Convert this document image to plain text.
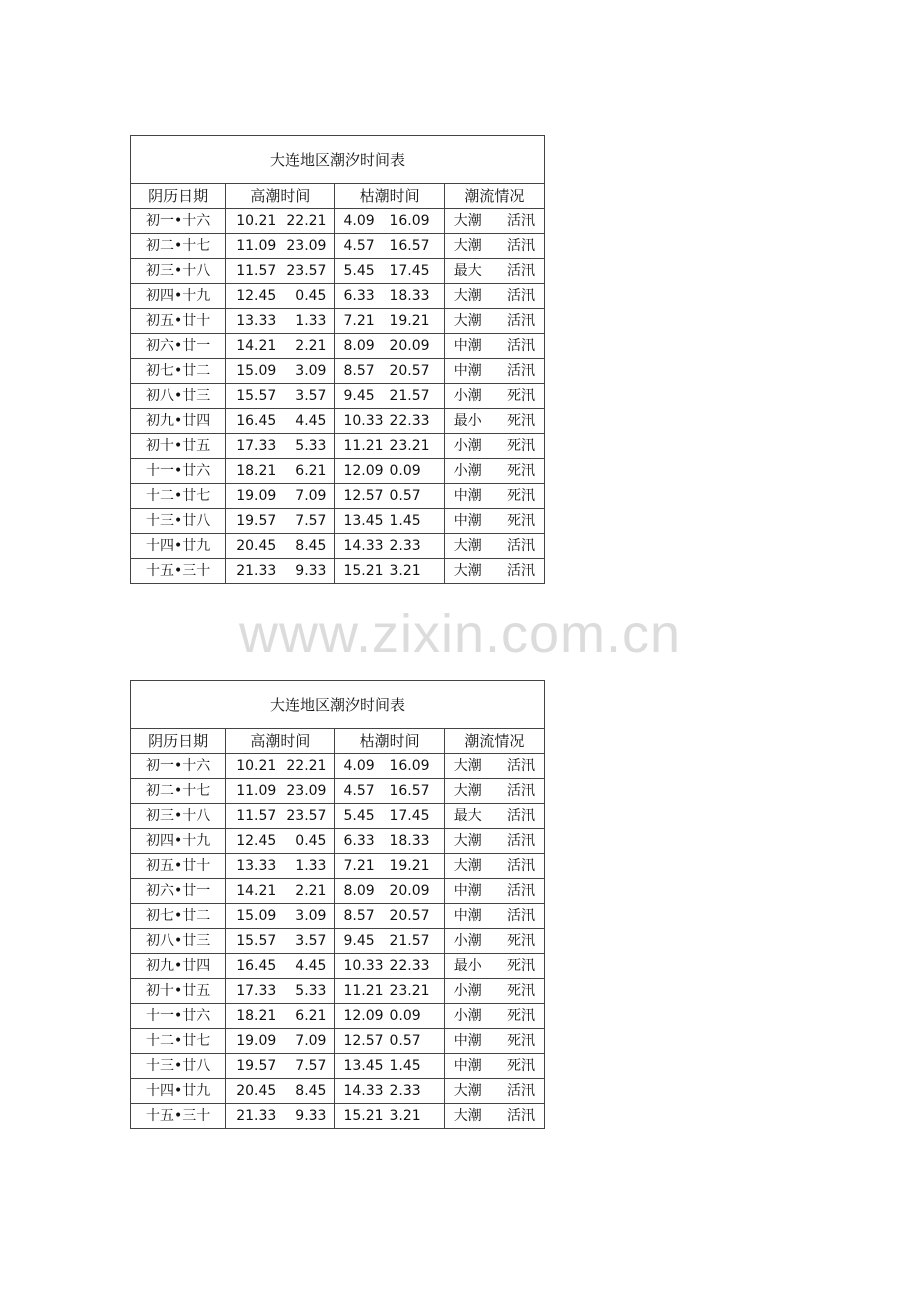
大连地区潮汐时间表			
阴历日期	高潮时间	枯潮时间	潮流情况
初一•十六	10.21 22.21	4.09 16.09	大潮 活汛

初二•十七	11.09 23.09	4.57 16.57	大潮 活汛

初三•十八	11.57 23.57	5.45 17.45	最大 活汛

初四•十九	12.45 0.45	6.33 18.33	大潮 活汛

初五•廿十	13.33 1.33	7.21 19.21	大潮 活汛

初六•廿一	14.21 2.21	8.09 20.09	中潮 活汛

初七•廿二	15.09 3.09	8.57 20.57	中潮 活汛

初八•廿三	15.57 3.57	9.45 21.57	小潮 死汛

初九•廿四	16.45 4.45	10.33 22.33	最小 死汛

初十•廿五	17.33 5.33	11.21 23.21	小潮 死汛

十一•廿六	18.21 6.21	12.09 0.09	小潮 死汛

十二•廿七	19.09 7.09	12.57 0.57	中潮 死汛

十三•廿八	19.57 7.57	13.45 1.45	中潮 死汛

十四•廿九	20.45 8.45	14.33 2.33	大潮 活汛

十五•三十	21.33 9.33	15.21 3.21	大潮 活汛
www.zixin.com.cn
大连地区潮汐时间表			
阴历日期	高潮时间	枯潮时间	潮流情况
初一•十六	10.21 22.21	4.09 16.09	大潮 活汛

初二•十七	11.09 23.09	4.57 16.57	大潮 活汛

初三•十八	11.57 23.57	5.45 17.45	最大 活汛

初四•十九	12.45 0.45	6.33 18.33	大潮 活汛

初五•廿十	13.33 1.33	7.21 19.21	大潮 活汛

初六•廿一	14.21 2.21	8.09 20.09	中潮 活汛

初七•廿二	15.09 3.09	8.57 20.57	中潮 活汛

初八•廿三	15.57 3.57	9.45 21.57	小潮 死汛

初九•廿四	16.45 4.45	10.33 22.33	最小 死汛

初十•廿五	17.33 5.33	11.21 23.21	小潮 死汛

十一•廿六	18.21 6.21	12.09 0.09	小潮 死汛

十二•廿七	19.09 7.09	12.57 0.57	中潮 死汛

十三•廿八	19.57 7.57	13.45 1.45	中潮 死汛

十四•廿九	20.45 8.45	14.33 2.33	大潮 活汛

十五•三十	21.33 9.33	15.21 3.21	大潮 活汛
